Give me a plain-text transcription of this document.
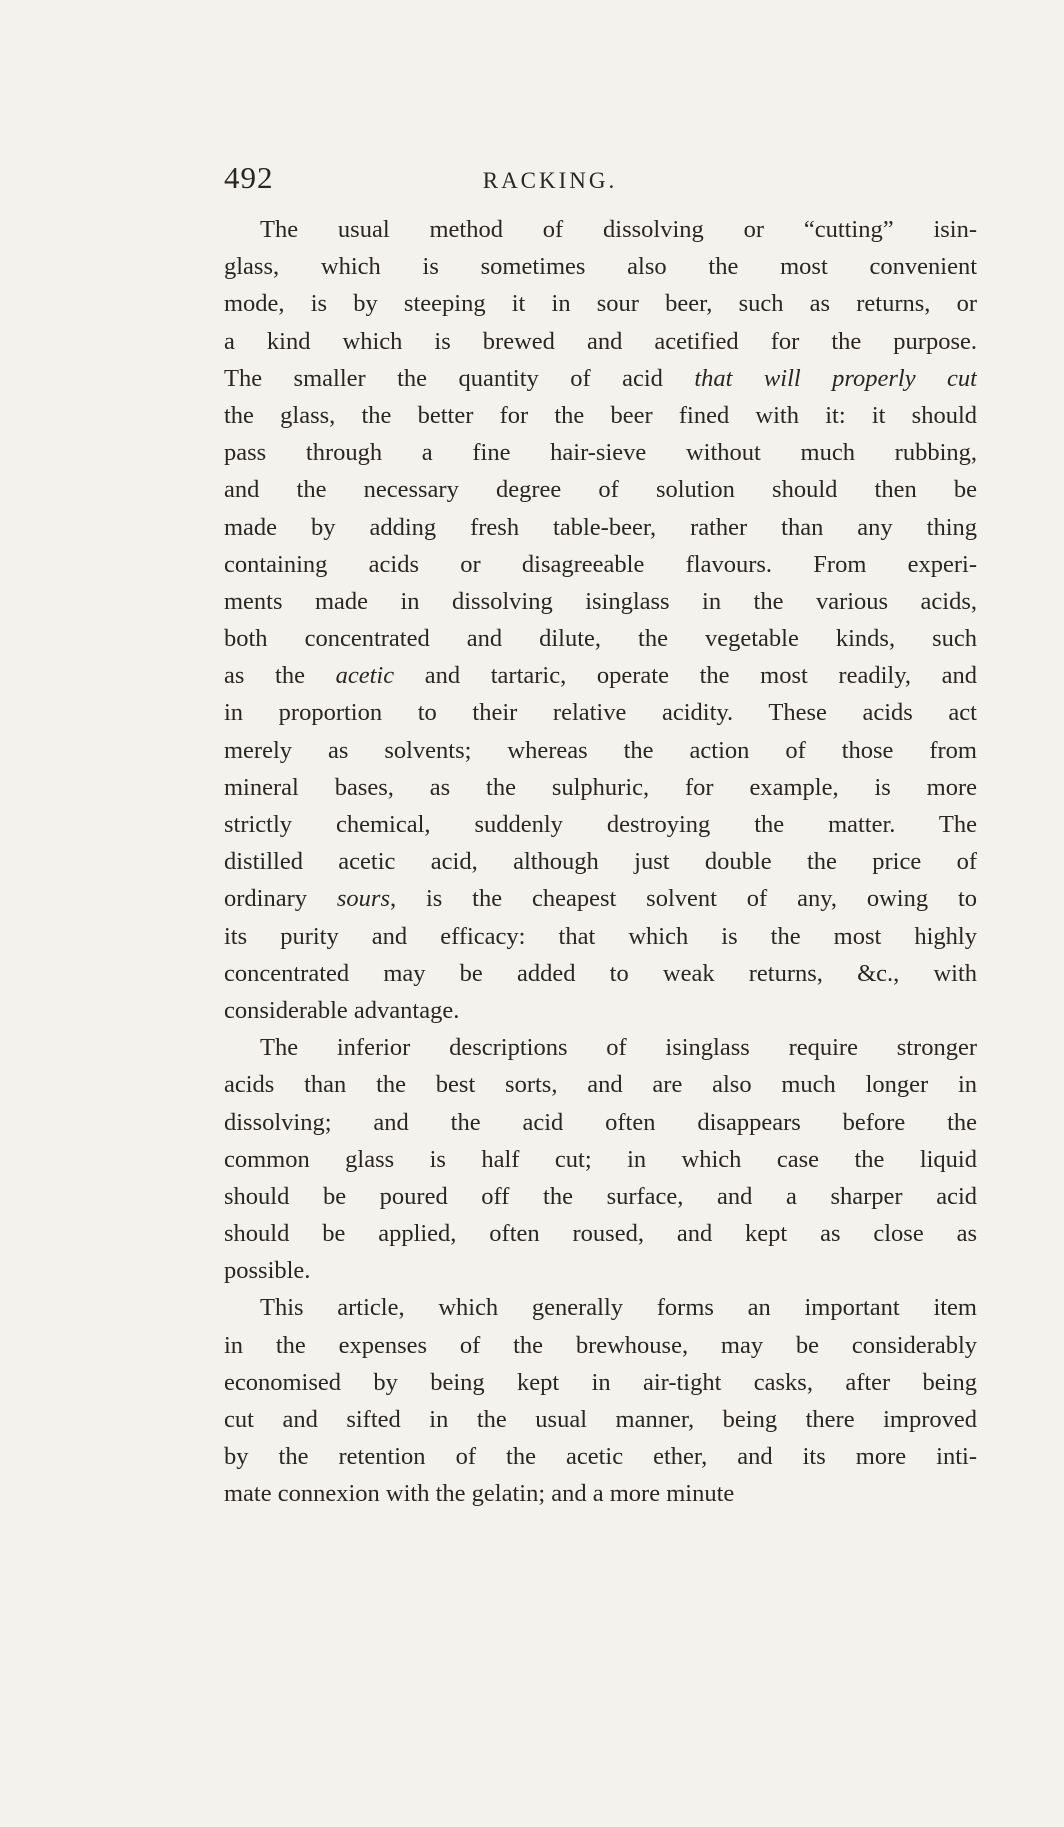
492	RACKING.
The usual method of dissolving or “cutting” isin-
glass, which is sometimes also the most convenient
mode, is by steeping it in sour beer, such as returns, or
a kind which is brewed and acetified for the purpose.
The smaller the quantity of acid that will properly cut
the glass, the better for the beer fined with it: it should
pass through a fine hair-sieve without much rubbing,
and the necessary degree of solution should then be
made by adding fresh table-beer, rather than any thing
containing acids or disagreeable flavours. From experi-
ments made in dissolving isinglass in the various acids,
both concentrated and dilute, the vegetable kinds, such
as the acetic and tartaric, operate the most readily, and
in proportion to their relative acidity. These acids act
merely as solvents; whereas the action of those from
mineral bases, as the sulphuric, for example, is more
strictly chemical, suddenly destroying the matter. The
distilled acetic acid, although just double the price of
ordinary sours, is the cheapest solvent of any, owing to
its purity and efficacy: that which is the most highly
concentrated may be added to weak returns, &c., with
considerable advantage.
The inferior descriptions of isinglass require stronger
acids than the best sorts, and are also much longer in
dissolving; and the acid often disappears before the
common glass is half cut; in which case the liquid
should be poured off the surface, and a sharper acid
should be applied, often roused, and kept as close as
possible.
This article, which generally forms an important item
in the expenses of the brewhouse, may be considerably
economised by being kept in air-tight casks, after being
cut and sifted in the usual manner, being there improved
by the retention of the acetic ether, and its more inti-
mate connexion with the gelatin; and a more minute
